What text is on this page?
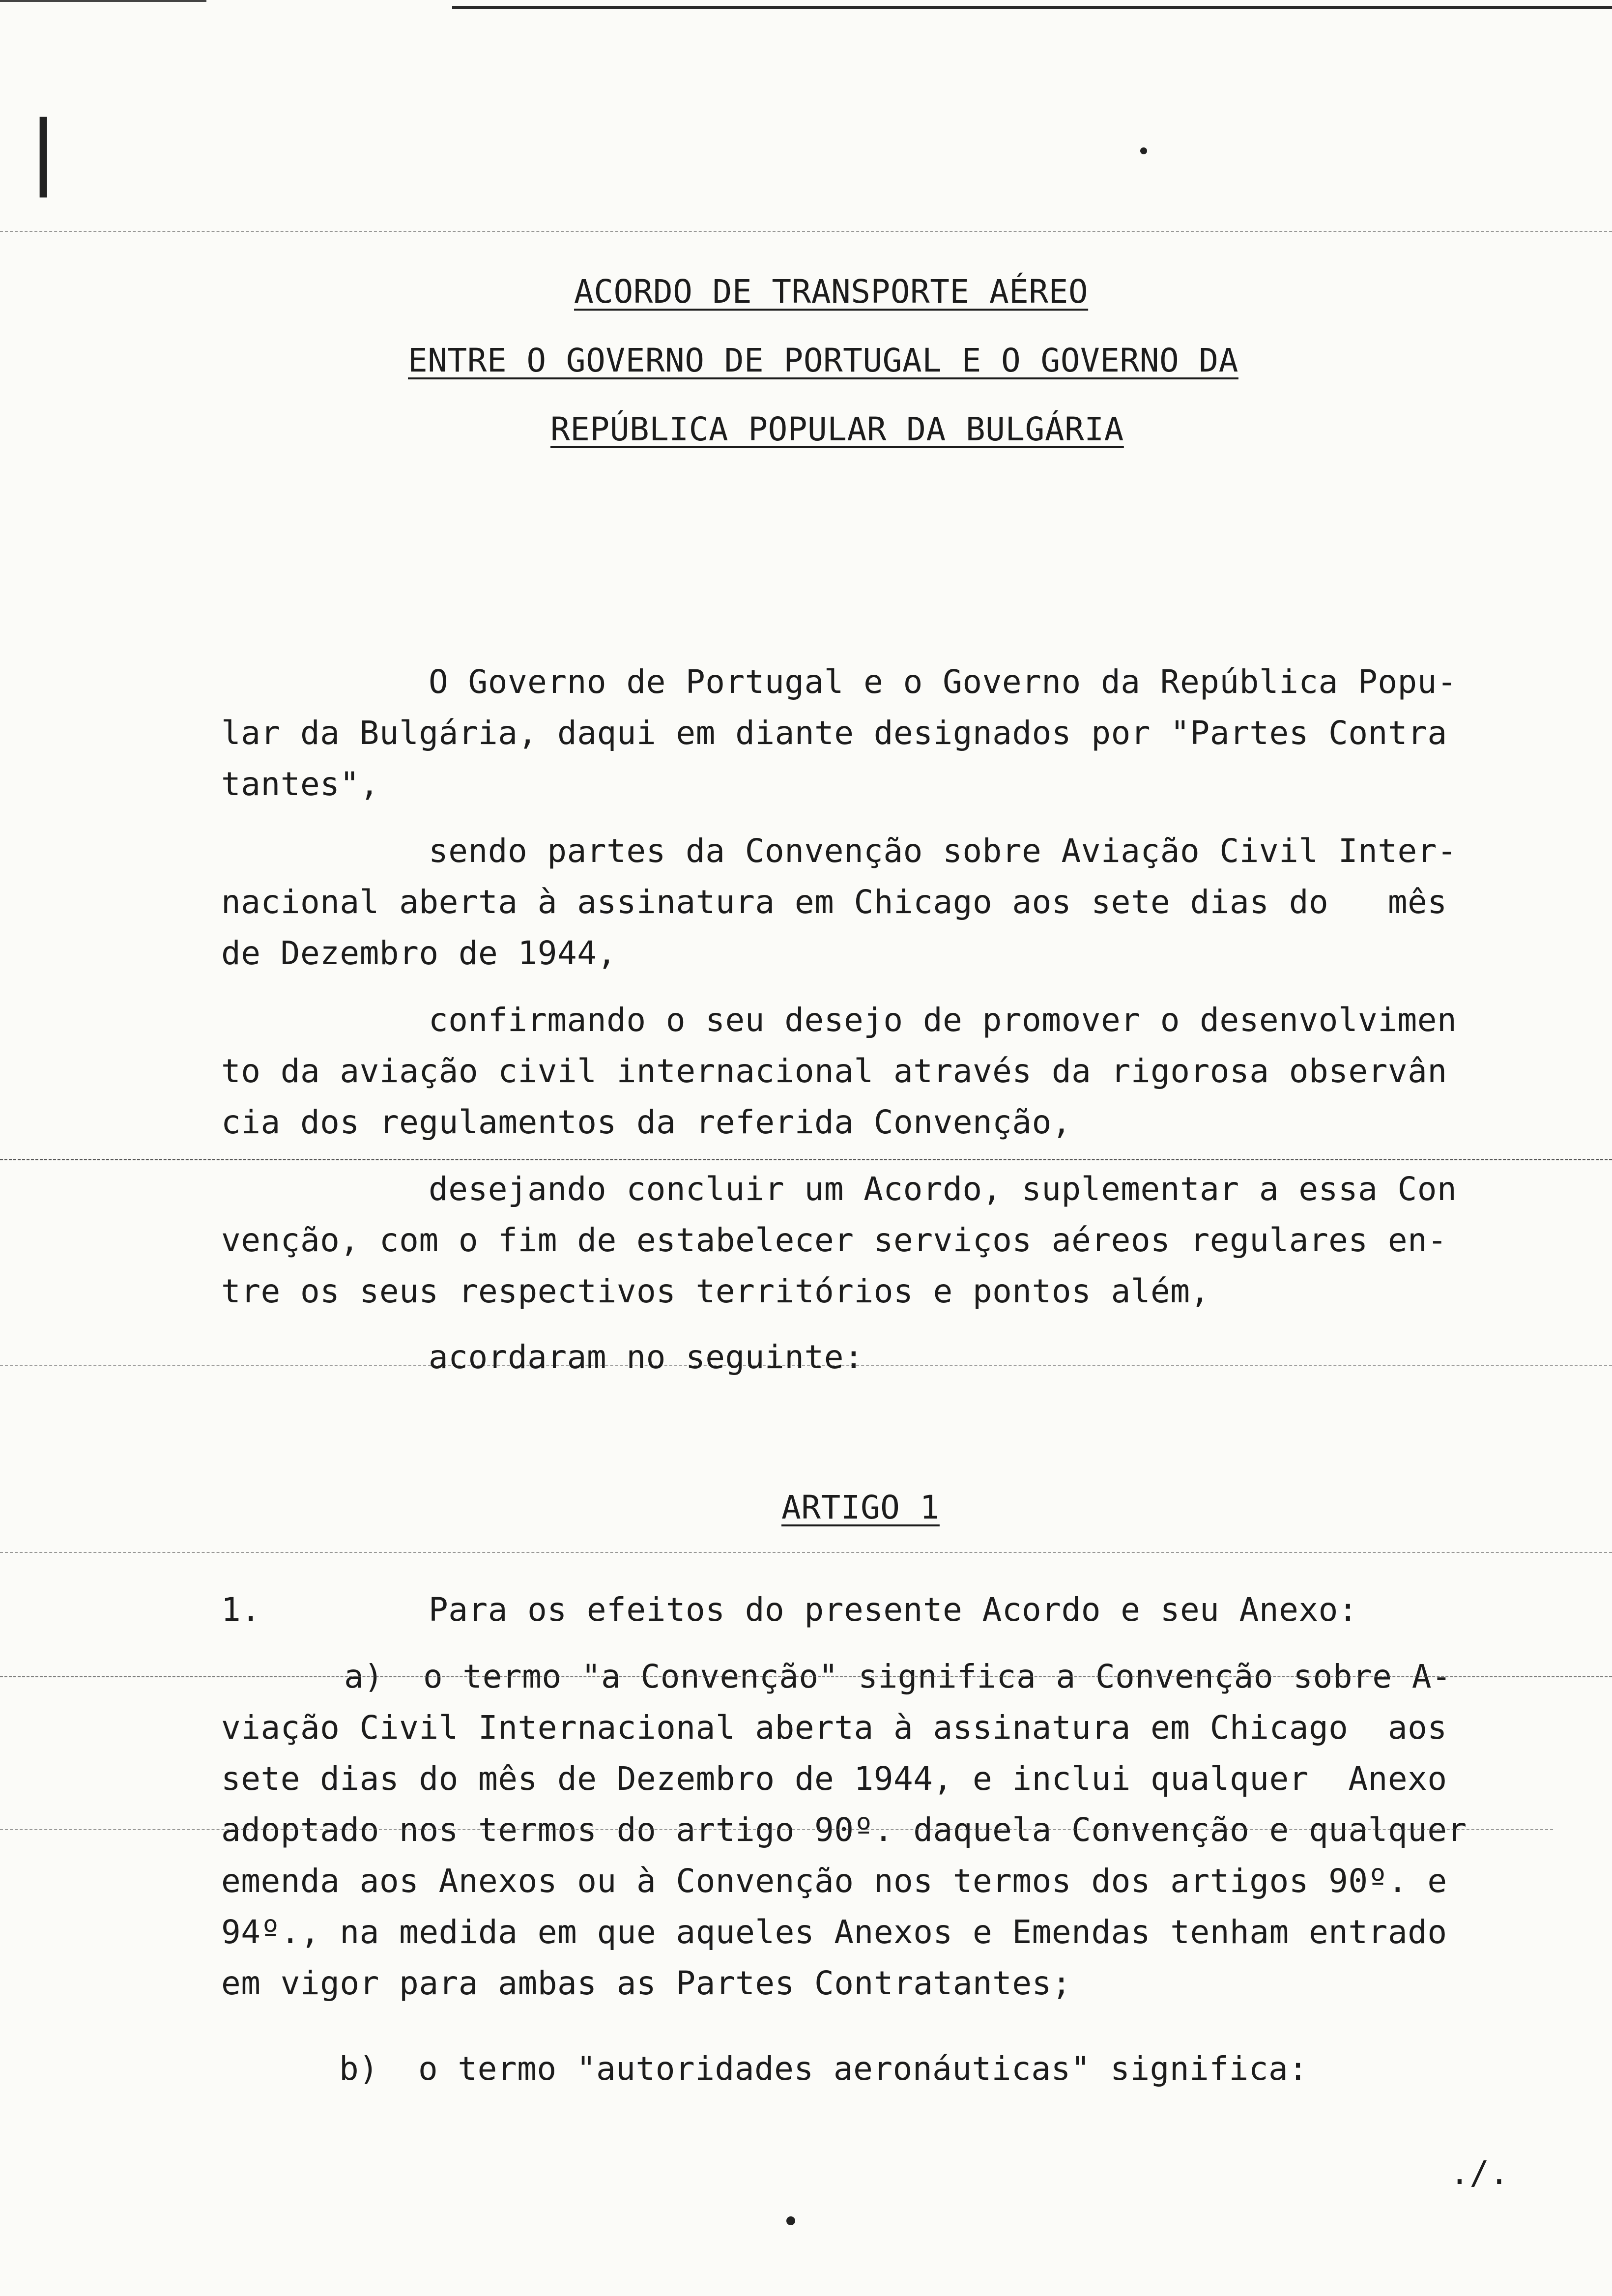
❘
ACORDO DE TRANSPORTE AÉREO
ENTRE O GOVERNO DE PORTUGAL E O GOVERNO DA
REPÚBLICA POPULAR DA BULGÁRIA
O Governo de Portugal e o Governo da República Popu-
lar da Bulgária, daqui em diante designados por "Partes Contra
tantes",
sendo partes da Convenção sobre Aviação Civil Inter-
nacional aberta à assinatura em Chicago aos sete dias do   mês
de Dezembro de 1944,
confirmando o seu desejo de promover o desenvolvimen
to da aviação civil internacional através da rigorosa observân
cia dos regulamentos da referida Convenção,
desejando concluir um Acordo, suplementar a essa Con
venção, com o fim de estabelecer serviços aéreos regulares en-
tre os seus respectivos territórios e pontos além,
acordaram no seguinte:
ARTIGO 1
1.	Para os efeitos do presente Acordo e seu Anexo:
a)  o termo "a Convenção" significa a Convenção sobre A-
viação Civil Internacional aberta à assinatura em Chicago  aos
sete dias do mês de Dezembro de 1944, e inclui qualquer  Anexo
adoptado nos termos do artigo 90º. daquela Convenção e qualquer
emenda aos Anexos ou à Convenção nos termos dos artigos 90º. e
94º., na medida em que aqueles Anexos e Emendas tenham entrado
em vigor para ambas as Partes Contratantes;
b)  o termo "autoridades aeronáuticas" significa:
./.
